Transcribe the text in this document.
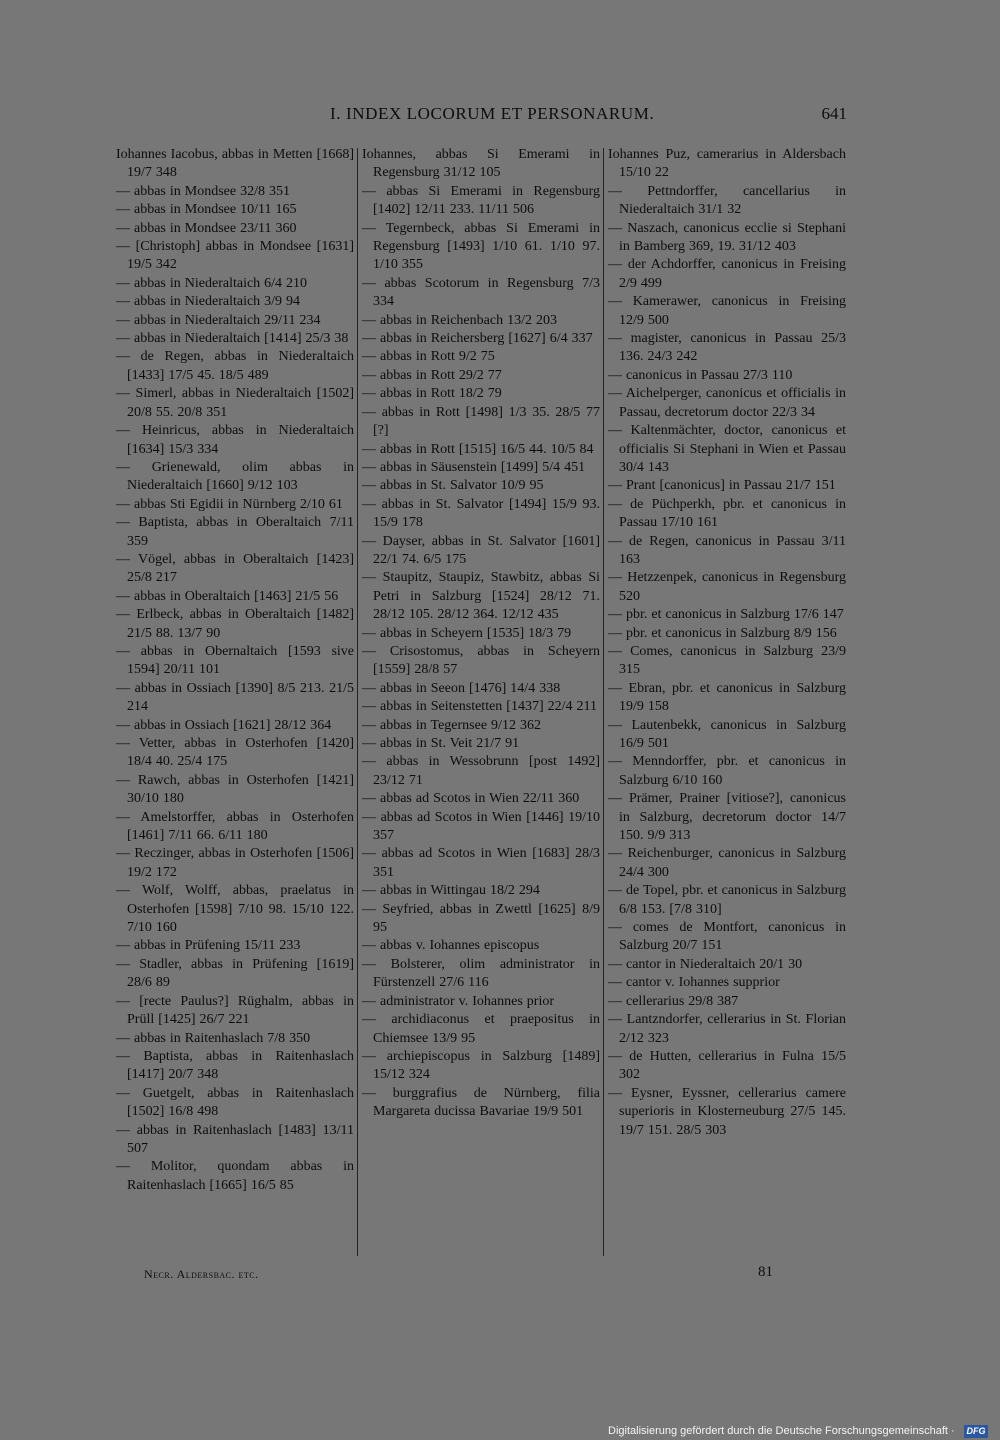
I. INDEX LOCORUM ET PERSONARUM.	641
Iohannes Iacobus, abbas in Metten [1668] 19/7 348
— abbas in Mondsee 32/8 351
— abbas in Mondsee 10/11 165
— abbas in Mondsee 23/11 360
— [Christoph] abbas in Mondsee [1631] 19/5 342
— abbas in Niederaltaich 6/4 210
— abbas in Niederaltaich 3/9 94
— abbas in Niederaltaich 29/11 234
— abbas in Niederaltaich [1414] 25/3 38
— de Regen, abbas in Niederaltaich [1433] 17/5 45. 18/5 489
— Simerl, abbas in Niederaltaich [1502] 20/8 55. 20/8 351
— Heinricus, abbas in Niederaltaich [1634] 15/3 334
— Grienewald, olim abbas in Niederaltaich [1660] 9/12 103
— abbas Sti Egidii in Nürnberg 2/10 61
— Baptista, abbas in Oberaltaich 7/11 359
— Vögel, abbas in Oberaltaich [1423] 25/8 217
— abbas in Oberaltaich [1463] 21/5 56
— Erlbeck, abbas in Oberaltaich [1482] 21/5 88. 13/7 90
— abbas in Obernaltaich [1593 sive 1594] 20/11 101
— abbas in Ossiach [1390] 8/5 213. 21/5 214
— abbas in Ossiach [1621] 28/12 364
— Vetter, abbas in Osterhofen [1420] 18/4 40. 25/4 175
— Rawch, abbas in Osterhofen [1421] 30/10 180
— Amelstorffer, abbas in Osterhofen [1461] 7/11 66. 6/11 180
— Reczinger, abbas in Osterhofen [1506] 19/2 172
— Wolf, Wolff, abbas, praelatus in Osterhofen [1598] 7/10 98. 15/10 122. 7/10 160
— abbas in Prüfening 15/11 233
— Stadler, abbas in Prüfening [1619] 28/6 89
— [recte Paulus?] Rüghalm, abbas in Prüll [1425] 26/7 221
— abbas in Raitenhaslach 7/8 350
— Baptista, abbas in Raitenhaslach [1417] 20/7 348
— Guetgelt, abbas in Raitenhaslach [1502] 16/8 498
— abbas in Raitenhaslach [1483] 13/11 507
— Molitor, quondam abbas in Raitenhaslach [1665] 16/5 85
Iohannes, abbas Si Emerami in Regensburg 31/12 105
— abbas Si Emerami in Regensburg [1402] 12/11 233. 11/11 506
— Tegernbeck, abbas Si Emerami in Regensburg [1493] 1/10 61. 1/10 97. 1/10 355
— abbas Scotorum in Regensburg 7/3 334
— abbas in Reichenbach 13/2 203
— abbas in Reichersberg [1627] 6/4 337
— abbas in Rott 9/2 75
— abbas in Rott 29/2 77
— abbas in Rott 18/2 79
— abbas in Rott [1498] 1/3 35. 28/5 77 [?]
— abbas in Rott [1515] 16/5 44. 10/5 84
— abbas in Säusenstein [1499] 5/4 451
— abbas in St. Salvator 10/9 95
— abbas in St. Salvator [1494] 15/9 93. 15/9 178
— Dayser, abbas in St. Salvator [1601] 22/1 74. 6/5 175
— Staupitz, Staupiz, Stawbitz, abbas Si Petri in Salzburg [1524] 28/12 71. 28/12 105. 28/12 364. 12/12 435
— abbas in Scheyern [1535] 18/3 79
— Crisostomus, abbas in Scheyern [1559] 28/8 57
— abbas in Seeon [1476] 14/4 338
— abbas in Seitenstetten [1437] 22/4 211
— abbas in Tegernsee 9/12 362
— abbas in St. Veit 21/7 91
— abbas in Wessobrunn [post 1492] 23/12 71
— abbas ad Scotos in Wien 22/11 360
— abbas ad Scotos in Wien [1446] 19/10 357
— abbas ad Scotos in Wien [1683] 28/3 351
— abbas in Wittingau 18/2 294
— Seyfried, abbas in Zwettl [1625] 8/9 95
— abbas v. Iohannes episcopus
— Bolsterer, olim administrator in Fürstenzell 27/6 116
— administrator v. Iohannes prior
— archidiaconus et praepositus in Chiemsee 13/9 95
— archiepiscopus in Salzburg [1489] 15/12 324
— burggrafius de Nürnberg, filia Margareta ducissa Bavariae 19/9 501
Iohannes Puz, camerarius in Aldersbach 15/10 22
— Pettndorffer, cancellarius in Niederaltaich 31/1 32
— Naszach, canonicus ecclie si Stephani in Bamberg 369, 19. 31/12 403
— der Achdorffer, canonicus in Freising 2/9 499
— Kamerawer, canonicus in Freising 12/9 500
— magister, canonicus in Passau 25/3 136. 24/3 242
— canonicus in Passau 27/3 110
— Aichelperger, canonicus et officialis in Passau, decretorum doctor 22/3 34
— Kaltenmächter, doctor, canonicus et officialis Si Stephani in Wien et Passau 30/4 143
— Prant [canonicus] in Passau 21/7 151
— de Püchperkh, pbr. et canonicus in Passau 17/10 161
— de Regen, canonicus in Passau 3/11 163
— Hetzzenpek, canonicus in Regensburg 520
— pbr. et canonicus in Salzburg 17/6 147
— pbr. et canonicus in Salzburg 8/9 156
— Comes, canonicus in Salzburg 23/9 315
— Ebran, pbr. et canonicus in Salzburg 19/9 158
— Lautenbekk, canonicus in Salzburg 16/9 501
— Menndorffer, pbr. et canonicus in Salzburg 6/10 160
— Prämer, Prainer [vitiose?], canonicus in Salzburg, decretorum doctor 14/7 150. 9/9 313
— Reichenburger, canonicus in Salzburg 24/4 300
— de Topel, pbr. et canonicus in Salzburg 6/8 153. [7/8 310]
— comes de Montfort, canonicus in Salzburg 20/7 151
— cantor in Niederaltaich 20/1 30
— cantor v. Iohannes supprior
— cellerarius 29/8 387
— Lantzndorfer, cellerarius in St. Florian 2/12 323
— de Hutten, cellerarius in Fulna 15/5 302
— Eysner, Eyssner, cellerarius camere superioris in Klosterneuburg 27/5 145. 19/7 151. 28/5 303
Necr. Aldersbac. etc.	81
Digitalisierung gefördert durch die Deutsche Forschungsgemeinschaft · DFG
